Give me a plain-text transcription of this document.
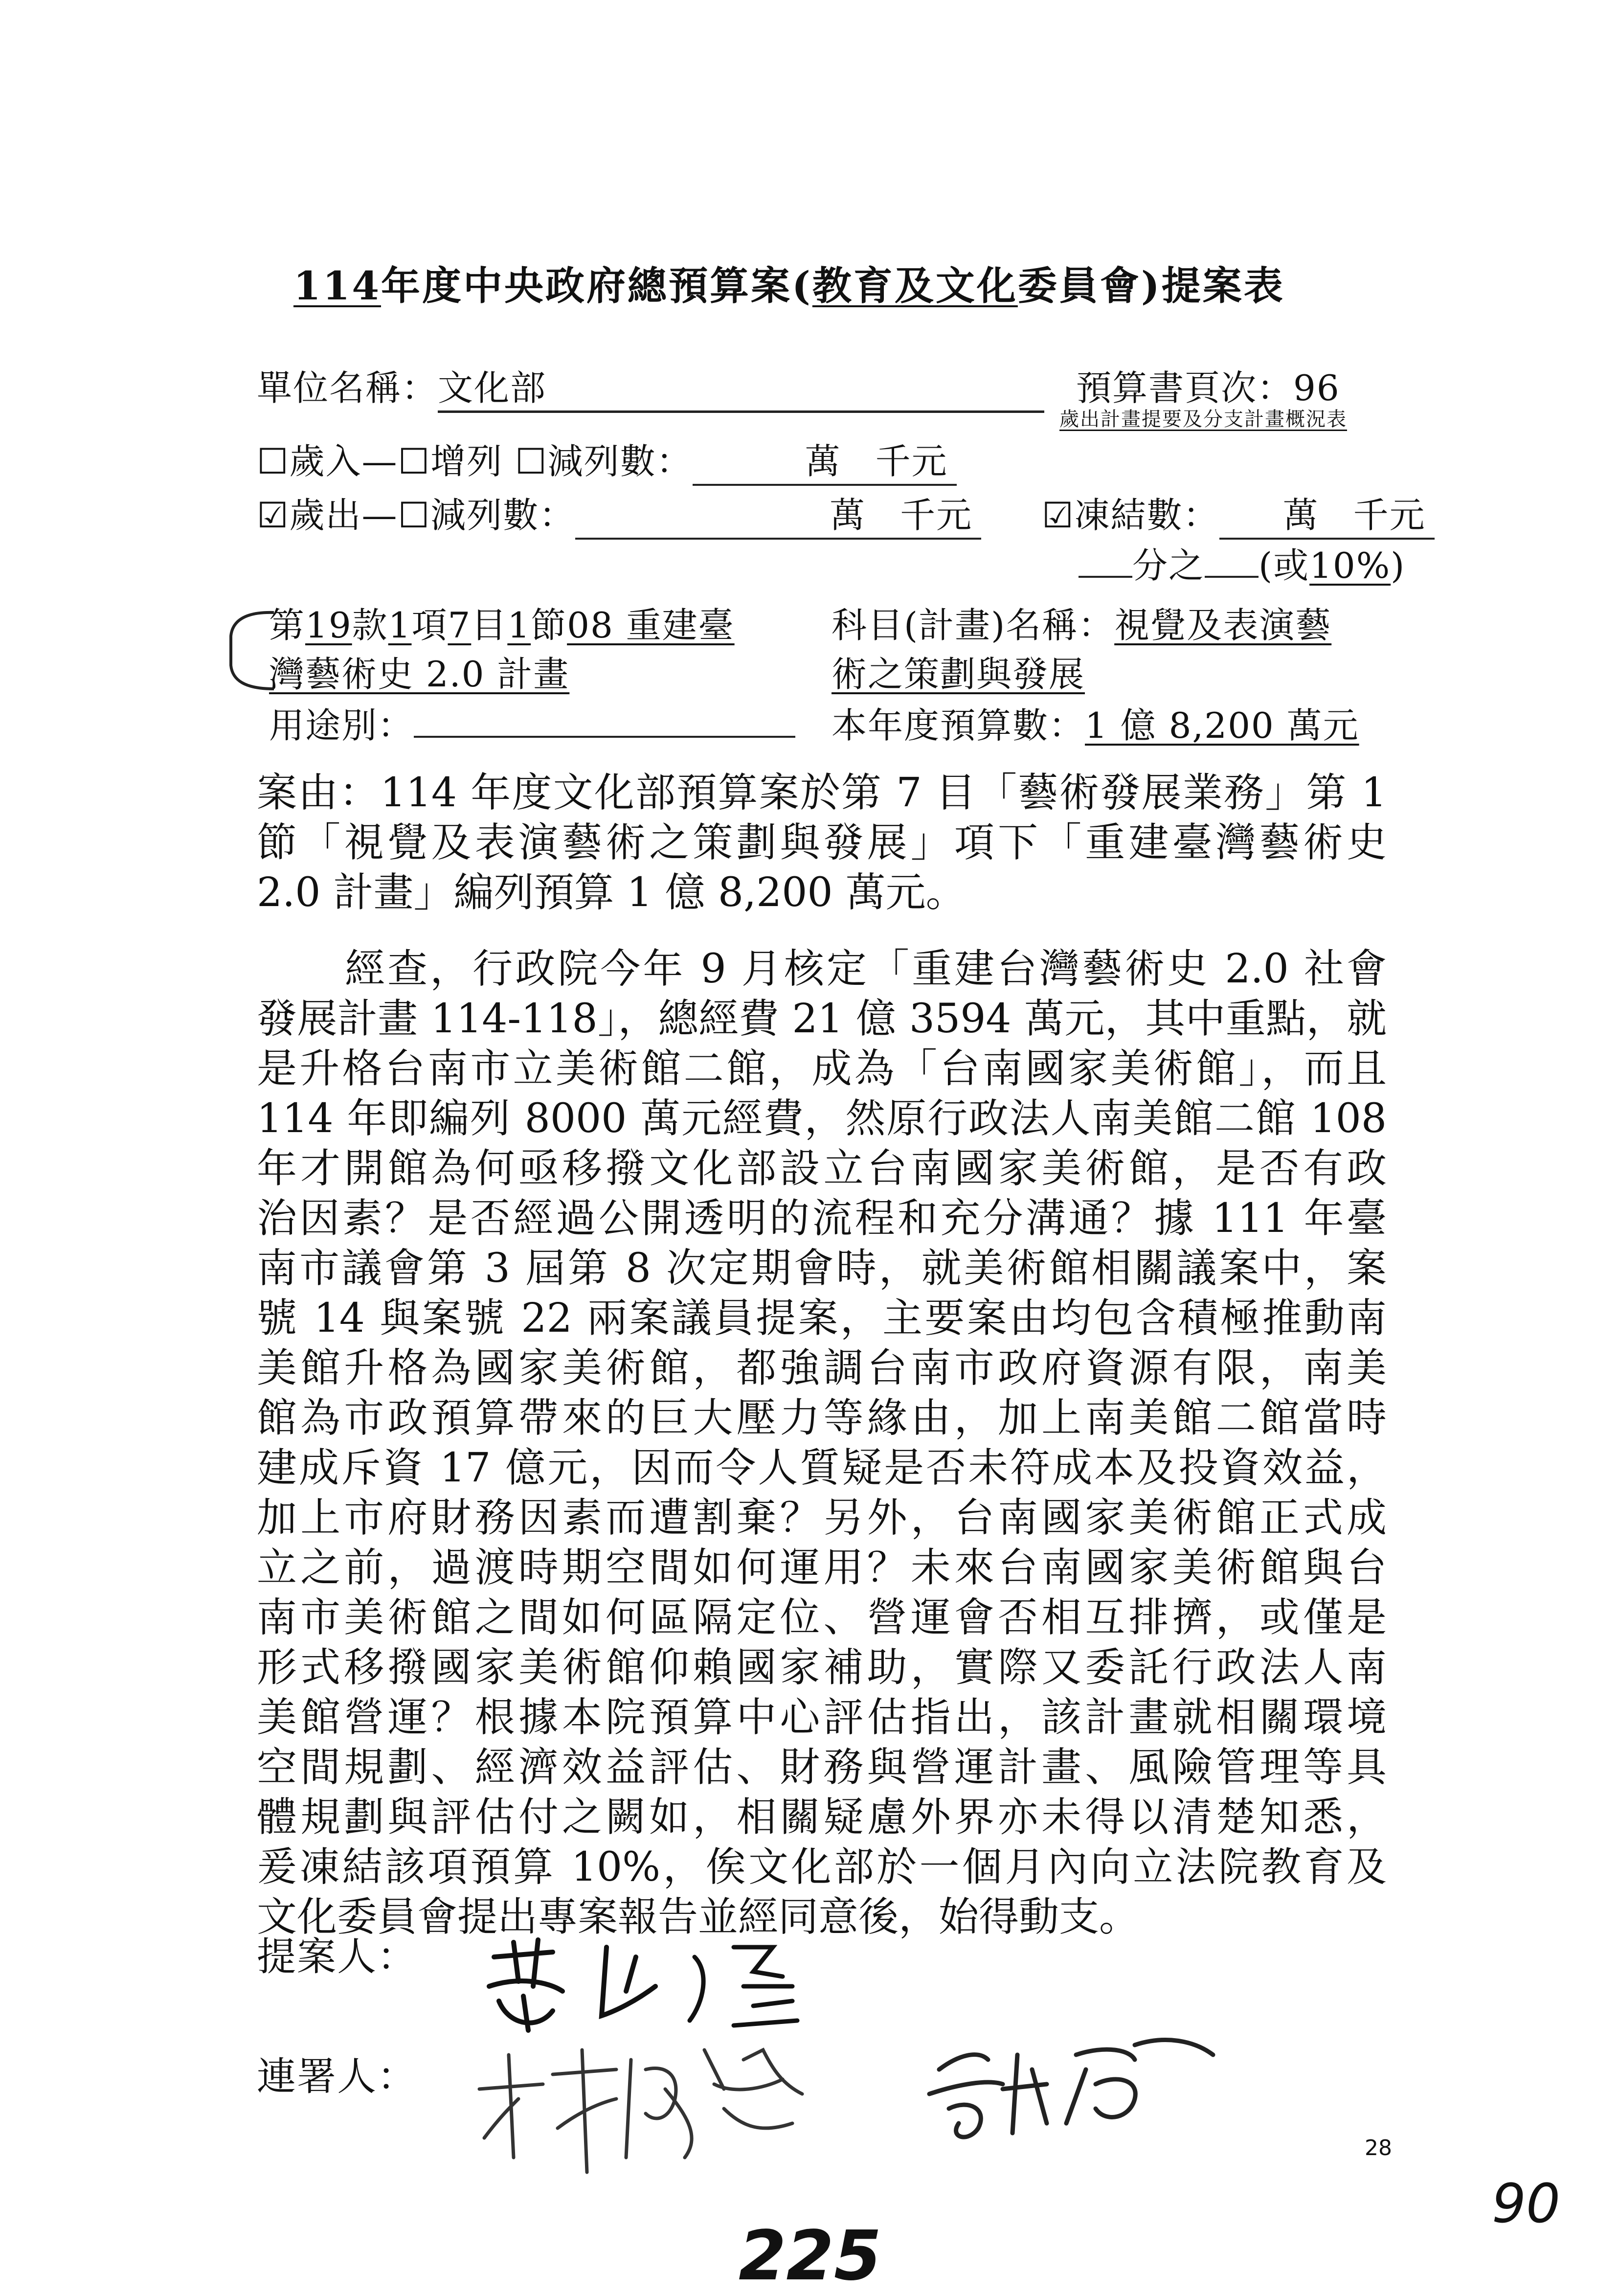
114年度中央政府總預算案(教育及文化委員會)提案表
單位名稱：文化部	預算書頁次：96
歲出計畫提要及分支計畫概況表
☐歲入—☐增列 ☐減列數：	萬 千元
☑歲出—☐減列數：	萬 千元 ☑凍結數： 萬 千元
分之 (或10%)
第19款1項7目1節08 重建臺
灣藝術史 2.0 計畫
科目(計畫)名稱：視覺及表演藝
術之策劃與發展
用途別：	本年度預算數：1 億 8,200 萬元
案由：114 年度文化部預算案於第 7 目「藝術發展業務」第 1
節「視覺及表演藝術之策劃與發展」項下「重建臺灣藝術史
2.0 計畫」編列預算 1 億 8,200 萬元。
經查，行政院今年 9 月核定「重建台灣藝術史 2.0 社會
發展計畫 114-118」，總經費 21 億 3594 萬元，其中重點，就
是升格台南市立美術館二館，成為「台南國家美術館」，而且
114 年即編列 8000 萬元經費，然原行政法人南美館二館 108
年才開館為何亟移撥文化部設立台南國家美術館，是否有政
治因素？是否經過公開透明的流程和充分溝通？據 111 年臺
南市議會第 3 屆第 8 次定期會時，就美術館相關議案中，案
號 14 與案號 22 兩案議員提案，主要案由均包含積極推動南
美館升格為國家美術館，都強調台南市政府資源有限，南美
館為市政預算帶來的巨大壓力等緣由，加上南美館二館當時
建成斥資 17 億元，因而令人質疑是否未符成本及投資效益，
加上市府財務因素而遭割棄？另外，台南國家美術館正式成
立之前，過渡時期空間如何運用？未來台南國家美術館與台
南市美術館之間如何區隔定位、營運會否相互排擠，或僅是
形式移撥國家美術館仰賴國家補助，實際又委託行政法人南
美館營運？根據本院預算中心評估指出，該計畫就相關環境
空間規劃、經濟效益評估、財務與營運計畫、風險管理等具
體規劃與評估付之闕如，相關疑慮外界亦未得以清楚知悉，
爰凍結該項預算 10%，俟文化部於一個月內向立法院教育及
文化委員會提出專案報告並經同意後，始得動支。
提案人：
連署人：
28
90
225
